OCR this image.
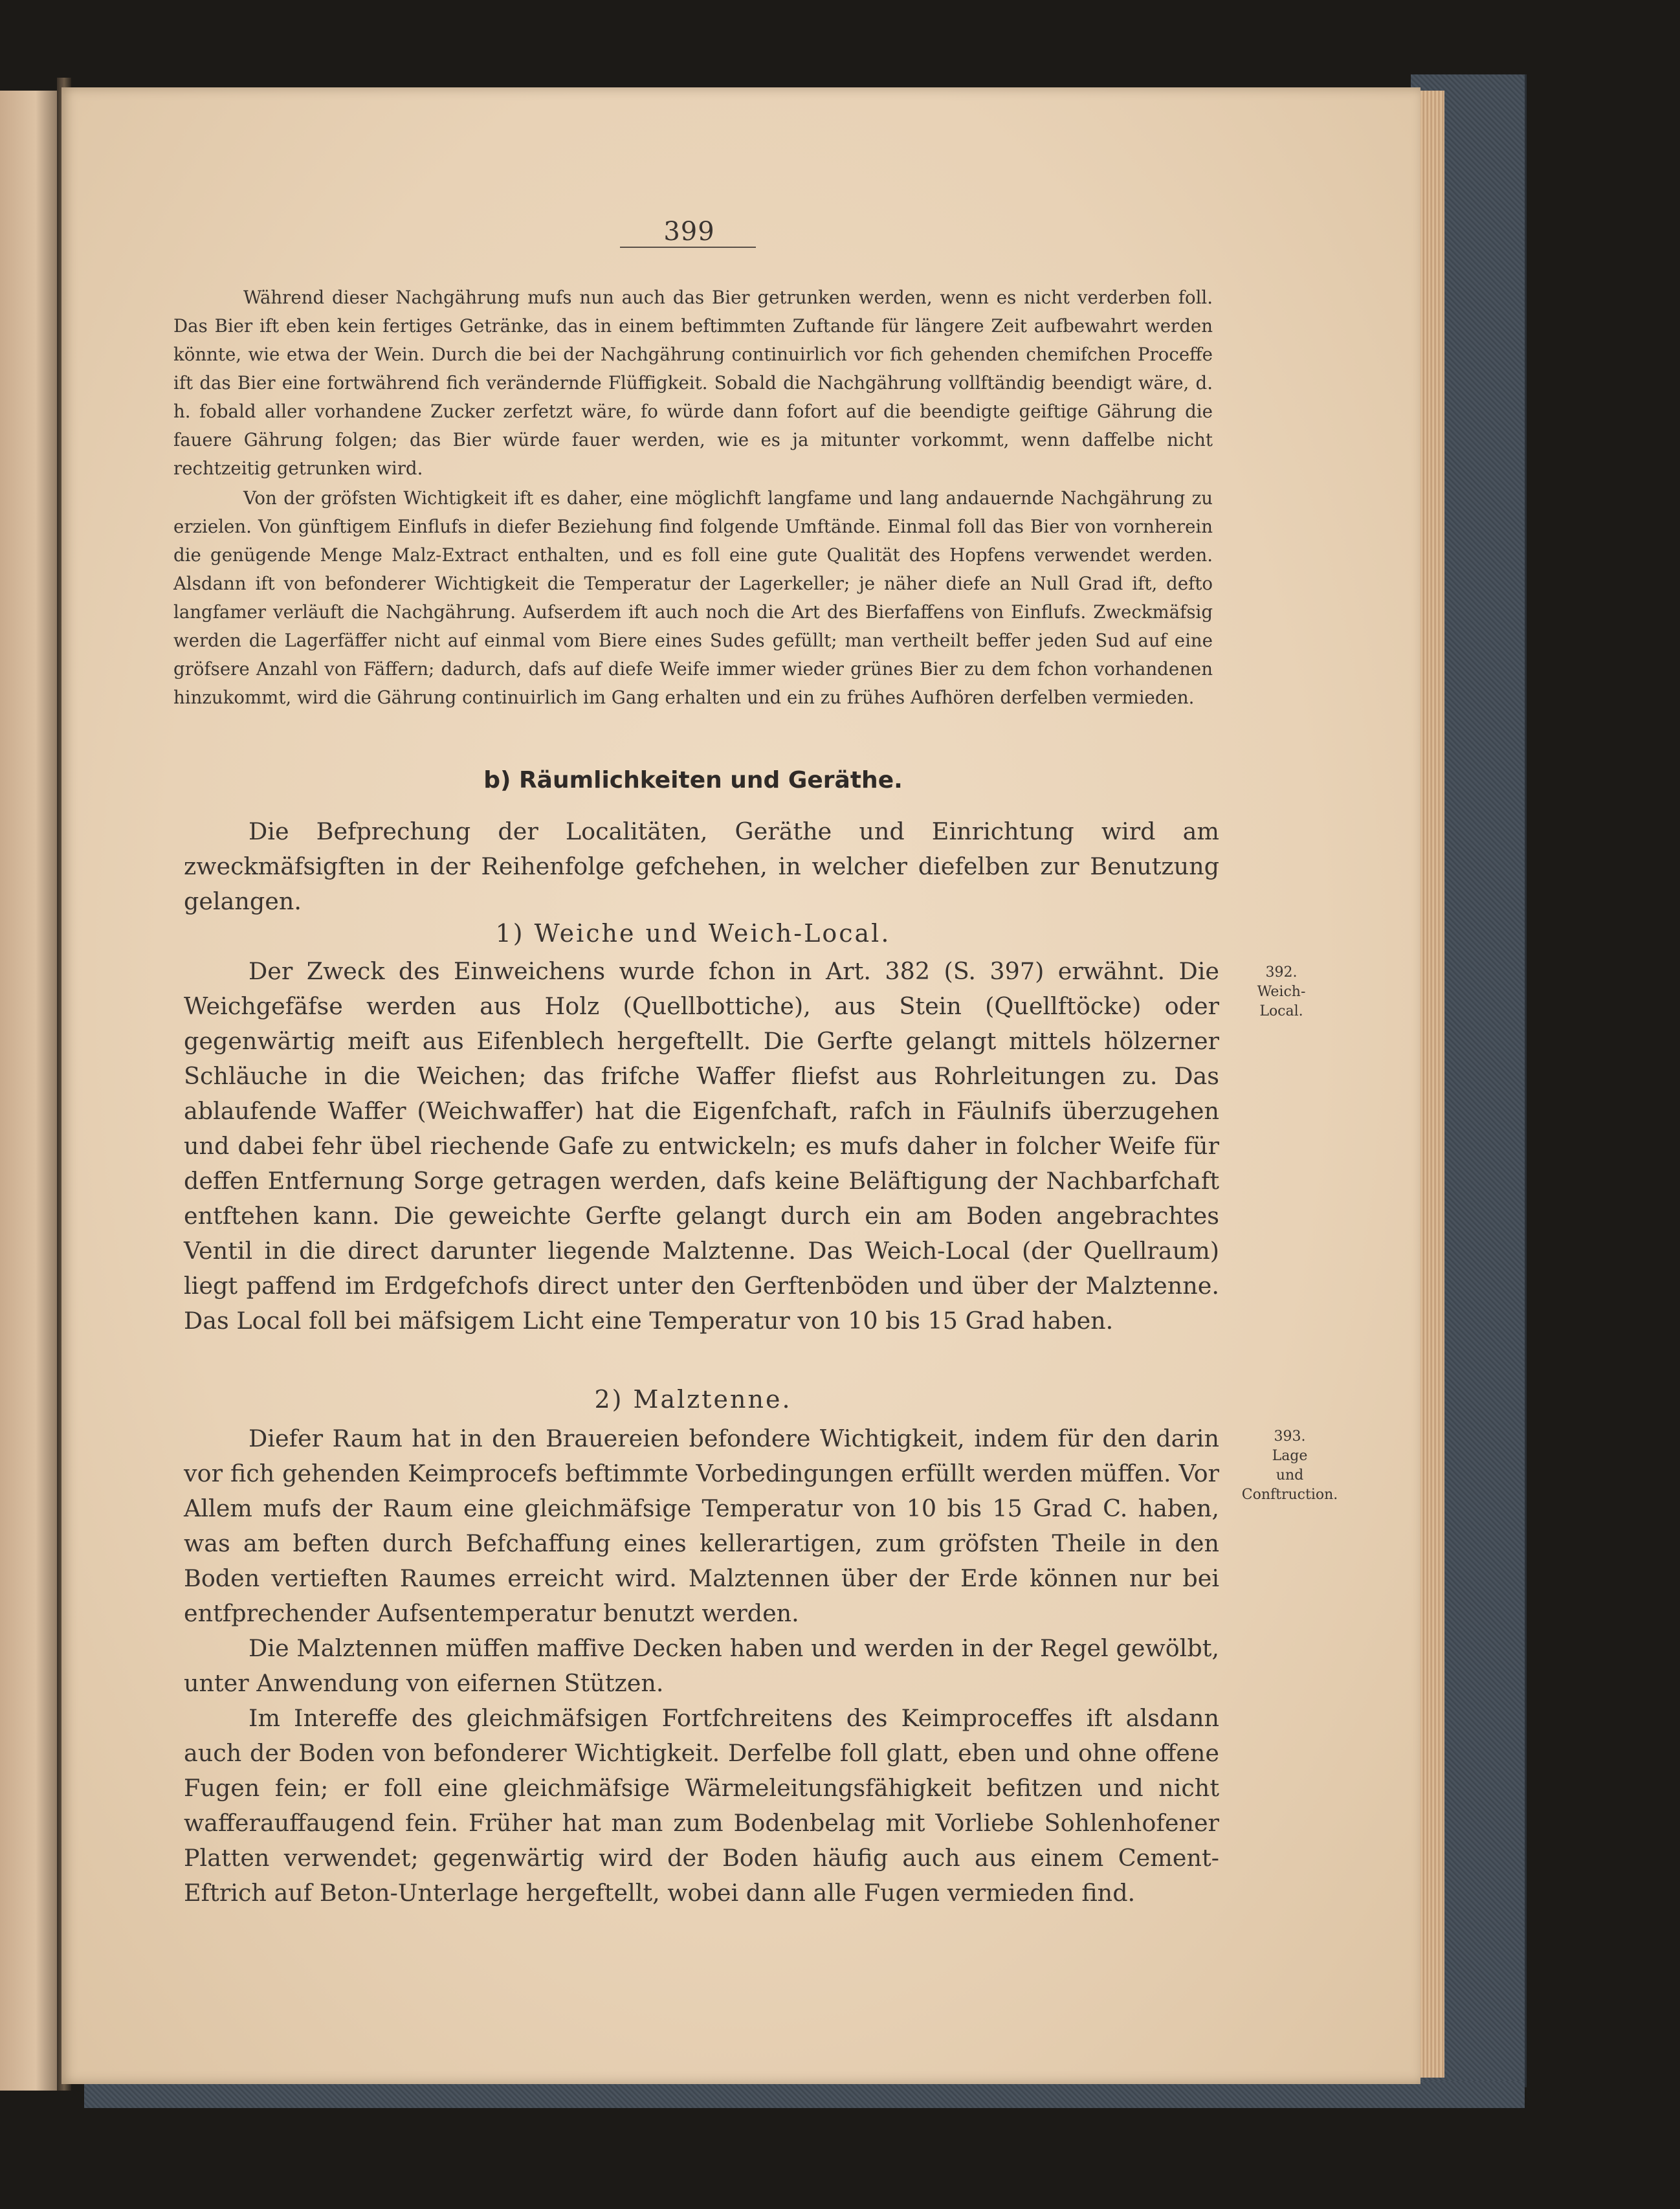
399

Während dieser Nachgährung mufs nun auch das Bier getrunken werden, wenn es nicht verderben foll. Das Bier ift eben kein fertiges Getränke, das in einem beftimmten Zuftande für längere Zeit aufbewahrt werden könnte, wie etwa der Wein. Durch die bei der Nachgährung continuirlich vor fich gehenden chemifchen Proceffe ift das Bier eine fortwährend fich verändernde Flüffigkeit. Sobald die Nachgährung vollftändig beendigt wäre, d. h. fobald aller vorhandene Zucker zerfetzt wäre, fo würde dann fofort auf die beendigte geiftige Gährung die fauere Gährung folgen; das Bier würde fauer werden, wie es ja mitunter vorkommt, wenn daffelbe nicht rechtzeitig getrunken wird.

Von der gröfsten Wichtigkeit ift es daher, eine möglichft langfame und lang andauernde Nachgährung zu erzielen. Von günftigem Einflufs in diefer Beziehung find folgende Umftände. Einmal foll das Bier von vornherein die genügende Menge Malz-Extract enthalten, und es foll eine gute Qualität des Hopfens verwendet werden. Alsdann ift von befonderer Wichtigkeit die Temperatur der Lagerkeller; je näher diefe an Null Grad ift, defto langfamer verläuft die Nachgährung. Aufserdem ift auch noch die Art des Bierfaffens von Einflufs. Zweckmäfsig werden die Lagerfäffer nicht auf einmal vom Biere eines Sudes gefüllt; man vertheilt beffer jeden Sud auf eine gröfsere Anzahl von Fäffern; dadurch, dafs auf diefe Weife immer wieder grünes Bier zu dem fchon vorhandenen hinzukommt, wird die Gährung continuirlich im Gang erhalten und ein zu frühes Aufhören derfelben vermieden.

b) Räumlichkeiten und Geräthe.

Die Befprechung der Localitäten, Geräthe und Einrichtung wird am zweckmäfsigften in der Reihenfolge gefchehen, in welcher diefelben zur Benutzung gelangen.

1) Weiche und Weich-Local.

Der Zweck des Einweichens wurde fchon in Art. 382 (S. 397) erwähnt. Die Weichgefäfse werden aus Holz (Quellbottiche), aus Stein (Quellftöcke) oder gegenwärtig meift aus Eifenblech hergeftellt. Die Gerfte gelangt mittels hölzerner Schläuche in die Weichen; das frifche Waffer fliefst aus Rohrleitungen zu. Das ablaufende Waffer (Weichwaffer) hat die Eigenfchaft, rafch in Fäulnifs überzugehen und dabei fehr übel riechende Gafe zu entwickeln; es mufs daher in folcher Weife für deffen Entfernung Sorge getragen werden, dafs keine Beläftigung der Nachbarfchaft entftehen kann. Die geweichte Gerfte gelangt durch ein am Boden angebrachtes Ventil in die direct darunter liegende Malztenne. Das Weich-Local (der Quellraum) liegt paffend im Erdgefchofs direct unter den Gerftenböden und über der Malztenne. Das Local foll bei mäfsigem Licht eine Temperatur von 10 bis 15 Grad haben.

392.
Weich-
Local.
2) Malztenne.

Diefer Raum hat in den Brauereien befondere Wichtigkeit, indem für den darin vor fich gehenden Keimprocefs beftimmte Vorbedingungen erfüllt werden müffen. Vor Allem mufs der Raum eine gleichmäfsige Temperatur von 10 bis 15 Grad C. haben, was am beften durch Befchaffung eines kellerartigen, zum gröfsten Theile in den Boden vertieften Raumes erreicht wird. Malztennen über der Erde können nur bei entfprechender Aufsentemperatur benutzt werden.

Die Malztennen müffen maffive Decken haben und werden in der Regel gewölbt, unter Anwendung von eifernen Stützen.

Im Intereffe des gleichmäfsigen Fortfchreitens des Keimproceffes ift alsdann auch der Boden von befonderer Wichtigkeit. Derfelbe foll glatt, eben und ohne offene Fugen fein; er foll eine gleichmäfsige Wärmeleitungsfähigkeit befitzen und nicht wafferauffaugend fein. Früher hat man zum Bodenbelag mit Vorliebe Sohlenhofener Platten verwendet; gegenwärtig wird der Boden häufig auch aus einem Cement-Eftrich auf Beton-Unterlage hergeftellt, wobei dann alle Fugen vermieden find.

393.
Lage
und
Conftruction.
